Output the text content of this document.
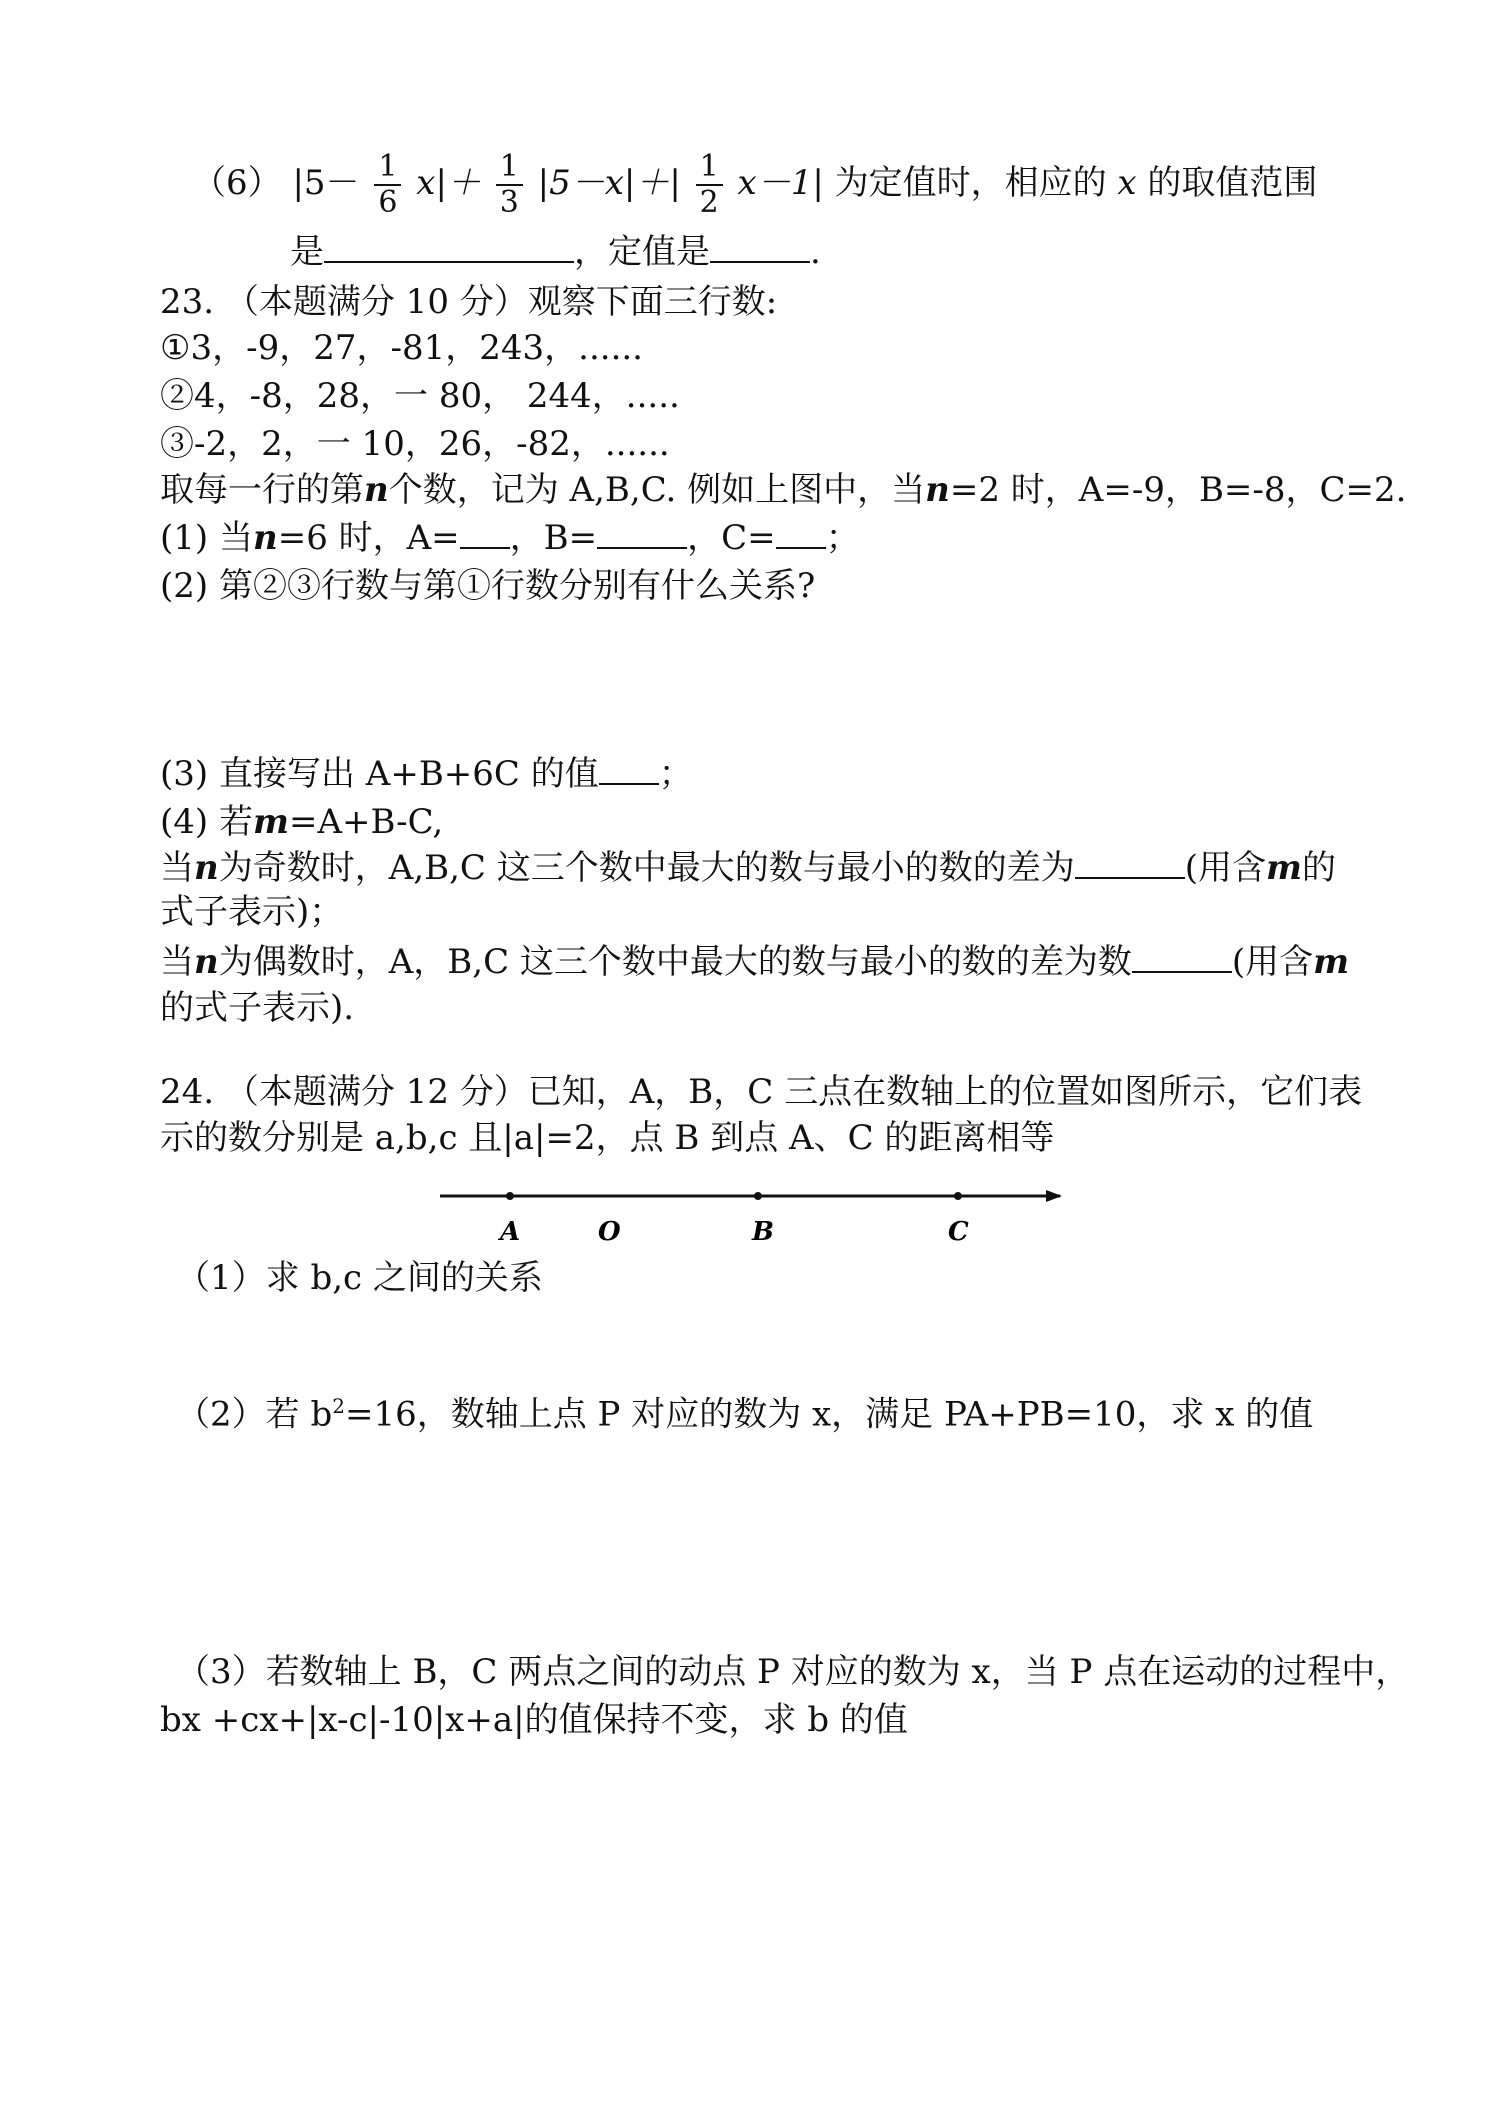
（6） $|5- \frac{1}{6} x|+ \frac{1}{3} |5-x|+| \frac{1}{2} x-1|$ 为定值时，相应的 x 的取值范围
是	，定值是	.
23. （本题满分 10 分）观察下面三行数:
①3，-9，27，-81，243，......
②4，-8，28，一 80， 244，.....
③-2，2，一 10，26，-82，......
取每一行的第n个数，记为 A,B,C. 例如上图中，当n=2 时，A=-9，B=-8，C=2.
(1) 当n=6 时，A= ，B=	，C= ；
(2) 第②③行数与第①行数分别有什么关系?
(3) 直接写出 A+B+6C 的值 ；
(4) 若m=A+B-C,
当n为奇数时，A,B,C 这三个数中最大的数与最小的数的差为	(用含m的
式子表示)；
当n为偶数时，A，B,C 这三个数中最大的数与最小的数的差为数	(用含m
的式子表示).
24. （本题满分 12 分）已知，A，B，C 三点在数轴上的位置如图所示，它们表
示的数分别是 a,b,c 且|a|=2，点 B 到点 A、C 的距离相等
A	O	B	C
（1）求 b,c 之间的关系
（2）若 $b^2=16$，数轴上点 P 对应的数为 x，满足 PA+PB=10，求 x 的值
（3）若数轴上 B，C 两点之间的动点 P 对应的数为 x，当 P 点在运动的过程中，
bx +cx+|x-c|-10|x+a|的值保持不变，求 b 的值
